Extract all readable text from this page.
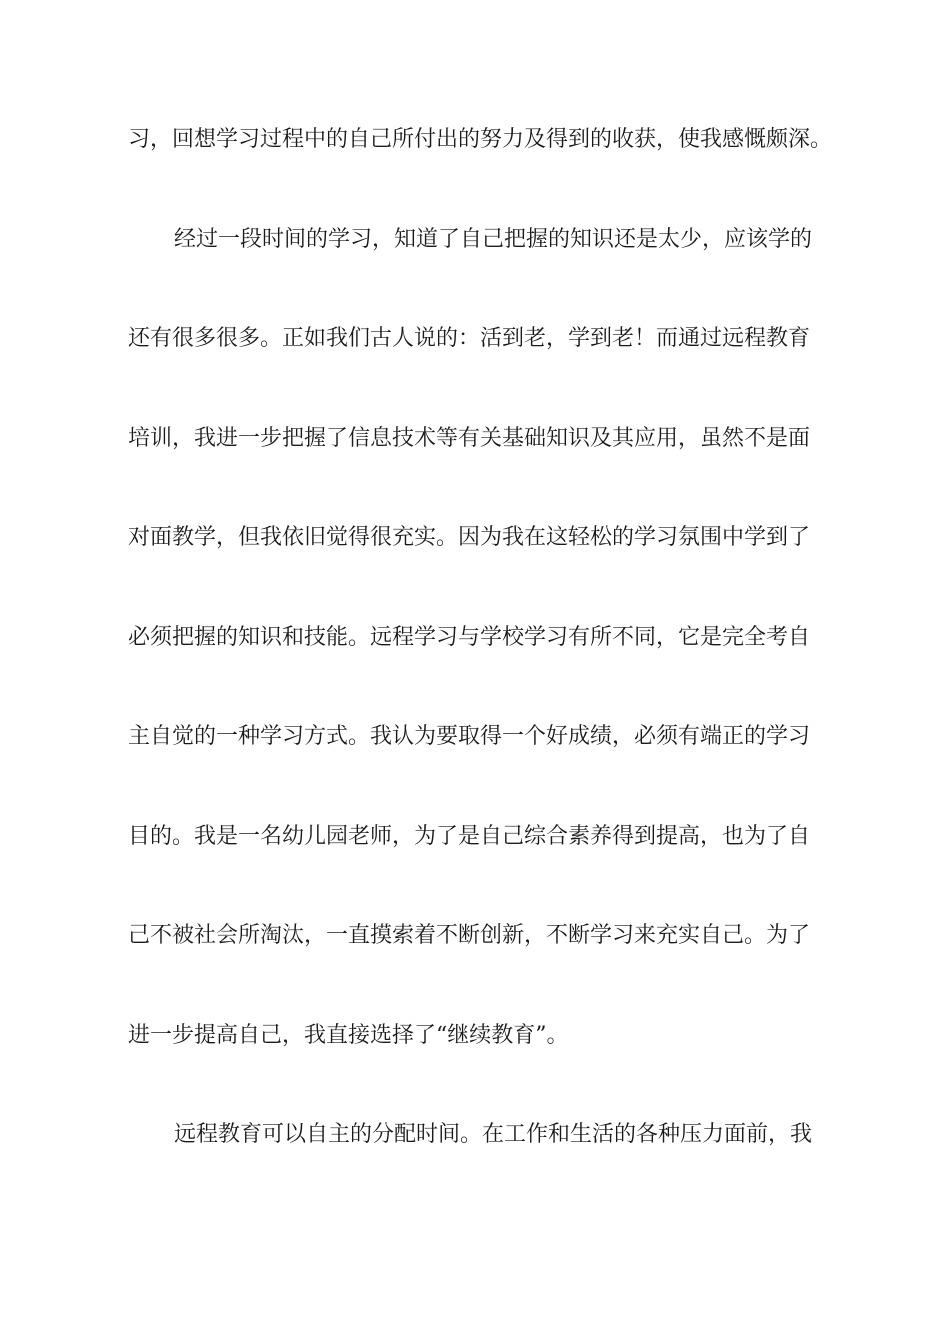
习，回想学习过程中的自己所付出的努力及得到的收获，使我感慨颇深。
经过一段时间的学习，知道了自己把握的知识还是太少，应该学的
还有很多很多。正如我们古人说的：活到老，学到老！而通过远程教育
培训，我进一步把握了信息技术等有关基础知识及其应用，虽然不是面
对面教学，但我依旧觉得很充实。因为我在这轻松的学习氛围中学到了
必须把握的知识和技能。远程学习与学校学习有所不同，它是完全考自
主自觉的一种学习方式。我认为要取得一个好成绩，必须有端正的学习
目的。我是一名幼儿园老师，为了是自己综合素养得到提高，也为了自
己不被社会所淘汰，一直摸索着不断创新，不断学习来充实自己。为了
进一步提高自己，我直接选择了“继续教育”。
远程教育可以自主的分配时间。在工作和生活的各种压力面前，我
